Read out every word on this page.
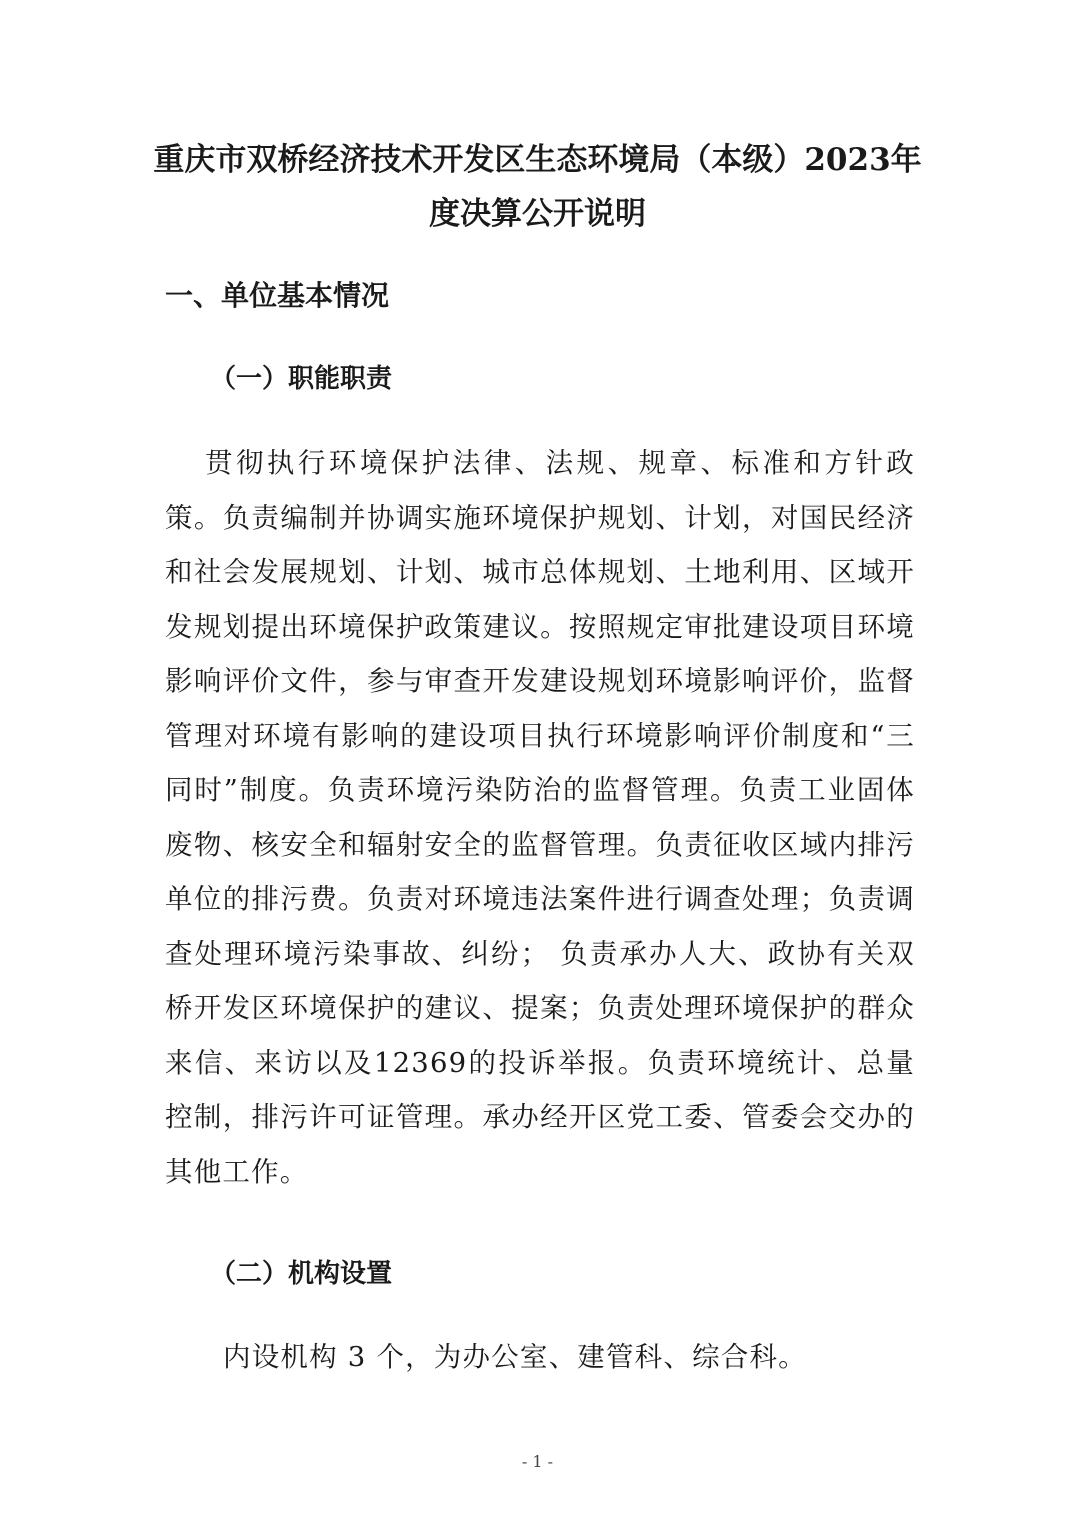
重庆市双桥经济技术开发区生态环境局（本级）2023年度决算公开说明
一、单位基本情况
（一）职能职责

贯彻执行环境保护法律、法规、规章、标准和方针政策。负责编制并协调实施环境保护规划、计划，对国民经济和社会发展规划、计划、城市总体规划、土地利用、区域开发规划提出环境保护政策建议。按照规定审批建设项目环境影响评价文件，参与审查开发建设规划环境影响评价，监督管理对环境有影响的建设项目执行环境影响评价制度和“三同时”制度。负责环境污染防治的监督管理。负责工业固体废物、核安全和辐射安全的监督管理。负责征收区域内排污单位的排污费。负责对环境违法案件进行调查处理；负责调查处理环境污染事故、纠纷； 负责承办人大、政协有关双桥开发区环境保护的建议、提案；负责处理环境保护的群众来信、来访以及12369的投诉举报。负责环境统计、总量控制，排污许可证管理。承办经开区党工委、管委会交办的其他工作。

（二）机构设置

内设机构 3 个，为办公室、建管科、综合科。

- 1 -
